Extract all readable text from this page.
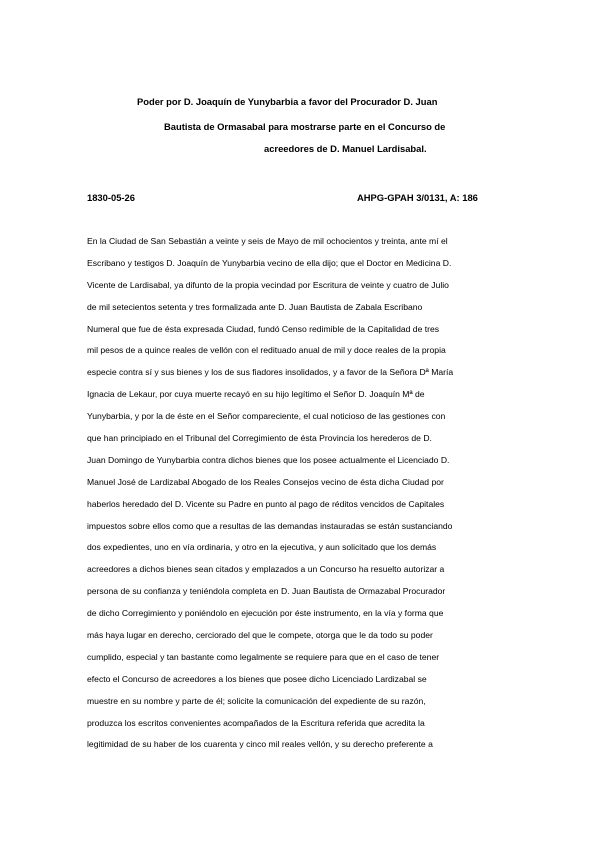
Poder por D. Joaquín de Yunybarbia a favor del Procurador D. Juan
Bautista de Ormasabal para mostrarse parte en el Concurso de
acreedores de D. Manuel Lardisabal.
1830-05-26	AHPG-GPAH 3/0131, A: 186
En la Ciudad de San Sebastián a veinte y seis de Mayo de mil ochocientos y treinta, ante mí el
Escribano y testigos D. Joaquín de Yunybarbia vecino de ella dijo; que el Doctor en Medicina D.
Vicente de Lardisabal, ya difunto de la propia vecindad por Escritura de veinte y cuatro de Julio
de mil setecientos setenta y tres formalizada ante D. Juan Bautista de Zabala Escribano
Numeral que fue de ésta expresada Ciudad, fundó Censo redimible de la Capitalidad de tres
mil pesos de a quince reales de vellón con el redituado anual de mil y doce reales de la propia
especie contra sí y sus bienes y los de sus fiadores insolidados, y a favor de la Señora Dª María
Ignacia de Lekaur, por cuya muerte recayó en su hijo legítimo el Señor D. Joaquín Mª de
Yunybarbia, y por la de éste en el Señor compareciente, el cual noticioso de las gestiones con
que han principiado en el Tribunal del Corregimiento de ésta Provincia los herederos de D.
Juan Domingo de Yunybarbia contra dichos bienes que los posee actualmente el Licenciado D.
Manuel José de Lardizabal Abogado de los Reales Consejos vecino de ésta dicha Ciudad por
haberlos heredado del D. Vicente su Padre en punto al pago de réditos vencidos de Capitales
impuestos sobre ellos como que a resultas de las demandas instauradas se están sustanciando
dos expedientes, uno en vía ordinaria, y otro en la ejecutiva, y aun solicitado que los demás
acreedores a dichos bienes sean citados y emplazados a un Concurso ha resuelto autorizar a
persona de su confianza y teniéndola completa en D. Juan Bautista de Ormazabal Procurador
de dicho Corregimiento y poniéndolo en ejecución por éste instrumento, en la vía y forma que
más haya lugar en derecho, cerciorado del que le compete, otorga que le da todo su poder
cumplido, especial y tan bastante como legalmente se requiere para que en el caso de tener
efecto el Concurso de acreedores a los bienes que posee dicho Licenciado Lardizabal se
muestre en su nombre y parte de él; solicite la comunicación del expediente de su razón,
produzca los escritos convenientes acompañados de la Escritura referida que acredita la
legitimidad de su haber de los cuarenta y cinco mil reales vellón, y su derecho preferente a
